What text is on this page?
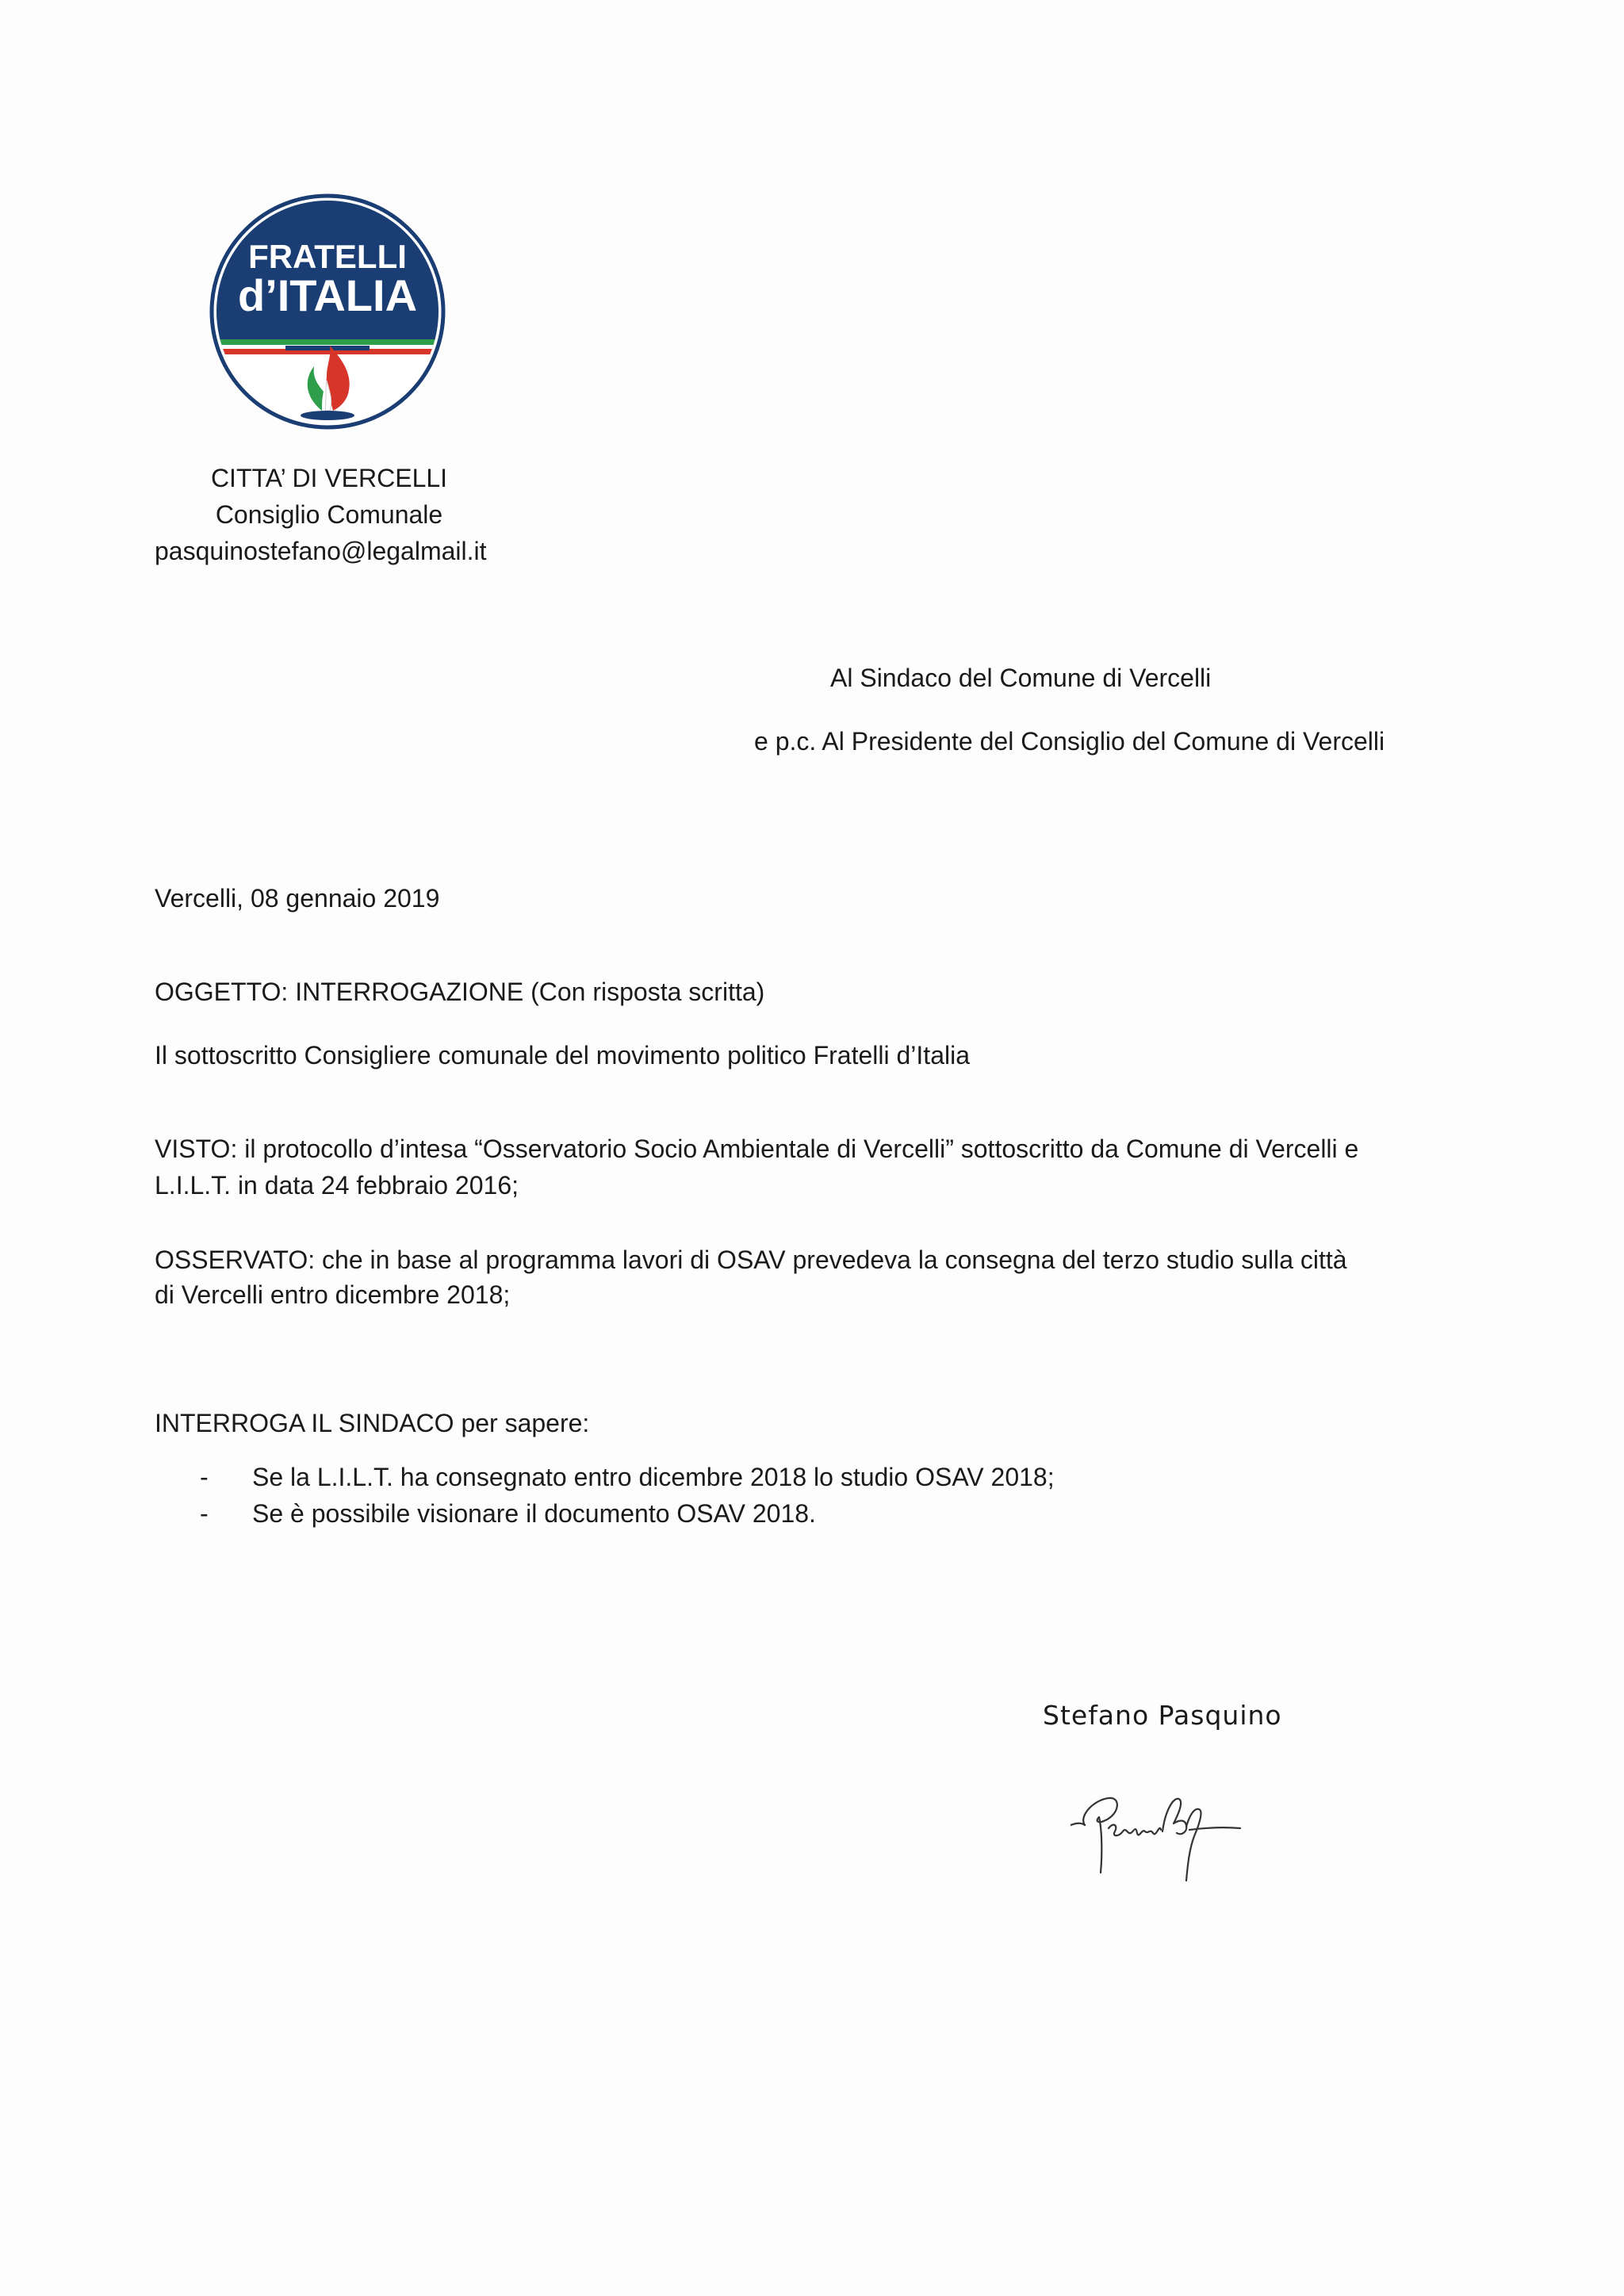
FRATELLI
d’ITALIA
CITTA’ DI VERCELLI
Consiglio Comunale
pasquinostefano@legalmail.it
Al Sindaco del Comune di Vercelli
e p.c. Al Presidente del Consiglio del Comune di Vercelli
Vercelli, 08 gennaio 2019
OGGETTO: INTERROGAZIONE (Con risposta scritta)
Il sottoscritto Consigliere comunale del movimento politico Fratelli d’Italia
VISTO: il protocollo d’intesa “Osservatorio Socio Ambientale di Vercelli” sottoscritto da Comune di Vercelli e
L.I.L.T. in data 24 febbraio 2016;
OSSERVATO: che in base al programma lavori di OSAV prevedeva la consegna del terzo studio sulla città
di Vercelli entro dicembre 2018;
INTERROGA IL SINDACO per sapere:
- Se la L.I.L.T. ha consegnato entro dicembre 2018 lo studio OSAV 2018;
- Se è possibile visionare il documento OSAV 2018.
Stefano Pasquino
